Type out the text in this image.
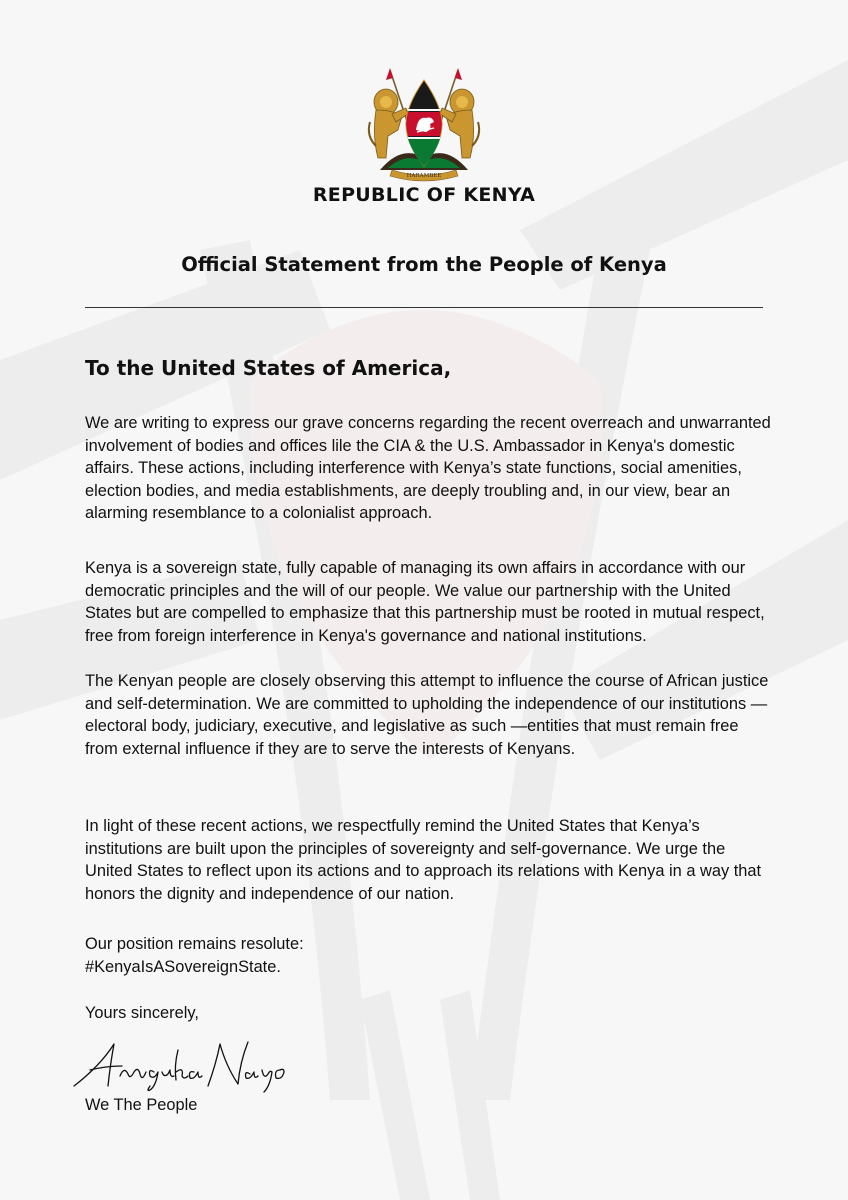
HARAMBEE
REPUBLIC OF KENYA
Official Statement from the People of Kenya
To the United States of America,

We are writing to express our grave concerns regarding the recent overreach and unwarranted involvement of bodies and offices lile the CIA & the U.S. Ambassador in Kenya's domestic affairs. These actions, including interference with Kenya’s state functions, social amenities, election bodies, and media establishments, are deeply troubling and, in our view, bear an alarming resemblance to a colonialist approach.

Kenya is a sovereign state, fully capable of managing its own affairs in accordance with our democratic principles and the will of our people. We value our partnership with the United States but are compelled to emphasize that this partnership must be rooted in mutual respect, free from foreign interference in Kenya's governance and national institutions.

The Kenyan people are closely observing this attempt to influence the course of African justice and self-determination. We are committed to upholding the independence of our institutions — electoral body, judiciary, executive, and legislative as such —entities that must remain free from external influence if they are to serve the interests of Kenyans.

In light of these recent actions, we respectfully remind the United States that Kenya’s institutions are built upon the principles of sovereignty and self-governance. We urge the United States to reflect upon its actions and to approach its relations with Kenya in a way that honors the dignity and independence of our nation.

Our position remains resolute:
#KenyaIsASovereignState.

Yours sincerely,

We The People
